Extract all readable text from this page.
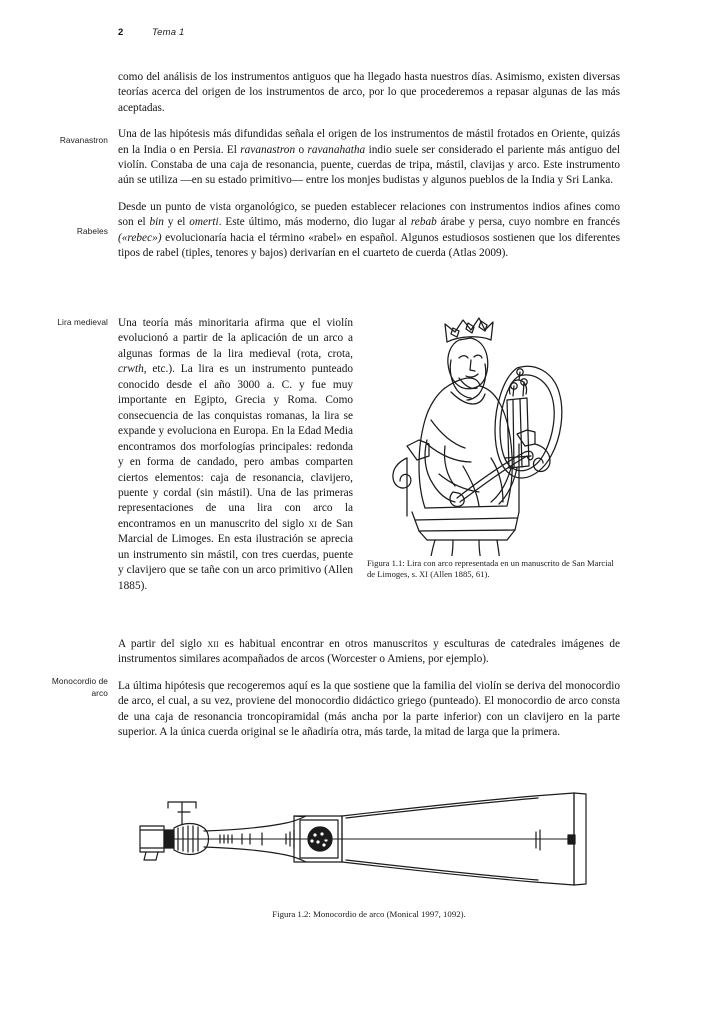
2	Tema 1
Ravanastron
Rabeles
Lira medieval
Monocordio de
arco

como del análisis de los instrumentos antiguos que ha llegado hasta nuestros días. Asimismo, existen diversas teorías acerca del origen de los instrumentos de arco, por lo que procederemos a repasar algunas de las más aceptadas.

Una de las hipótesis más difundidas señala el origen de los instrumentos de mástil frotados en Oriente, quizás en la India o en Persia. El ravanastron o ravanahatha indio suele ser considerado el pariente más antiguo del violín. Constaba de una caja de resonancia, puente, cuerdas de tripa, mástil, clavijas y arco. Este instrumento aún se utiliza —en su estado primitivo— entre los monjes budistas y algunos pueblos de la India y Sri Lanka.

Desde un punto de vista organológico, se pueden establecer relaciones con instrumentos indios afines como son el bin y el omerti. Este último, más moderno, dio lugar al rebab árabe y persa, cuyo nombre en francés («rebec») evolucionaría hacia el término «rabel» en español. Algunos estudiosos sostienen que los diferentes tipos de rabel (tiples, tenores y bajos) derivarían en el cuarteto de cuerda (Atlas 2009).

Figura 1.1: Lira con arco representada en un manuscrito de San Marcial de Limoges, s. xi (Allen 1885, 61).

Una teoría más minoritaria afirma que el violín evolucionó a partir de la aplicación de un arco a algunas formas de la lira medieval (rota, crota, crwth, etc.). La lira es un instrumento punteado conocido desde el año 3000 a. C. y fue muy importante en Egipto, Grecia y Roma. Como consecuencia de las conquistas romanas, la lira se expande y evoluciona en Europa. En la Edad Media encontramos dos morfologías principales: redonda y en forma de candado, pero ambas comparten ciertos elementos: caja de resonancia, clavijero, puente y cordal (sin mástil). Una de las primeras representaciones de una lira con arco la encontramos en un manuscrito del siglo xi de San Marcial de Limoges. En esta ilustración se aprecia un instrumento sin mástil, con tres cuerdas, puente y clavijero que se tañe con un arco primitivo (Allen 1885).

A partir del siglo xii es habitual encontrar en otros manuscritos y esculturas de catedrales imágenes de instrumentos similares acompañados de arcos (Worcester o Amiens, por ejemplo).

La última hipótesis que recogeremos aquí es la que sostiene que la familia del violín se deriva del monocordio de arco, el cual, a su vez, proviene del monocordio didáctico griego (punteado). El monocordio de arco consta de una caja de resonancia troncopiramidal (más ancha por la parte inferior) con un clavijero en la parte superior. A la única cuerda original se le añadiría otra, más tarde, la mitad de larga que la primera.

Figura 1.2: Monocordio de arco (Monical 1997, 1092).
